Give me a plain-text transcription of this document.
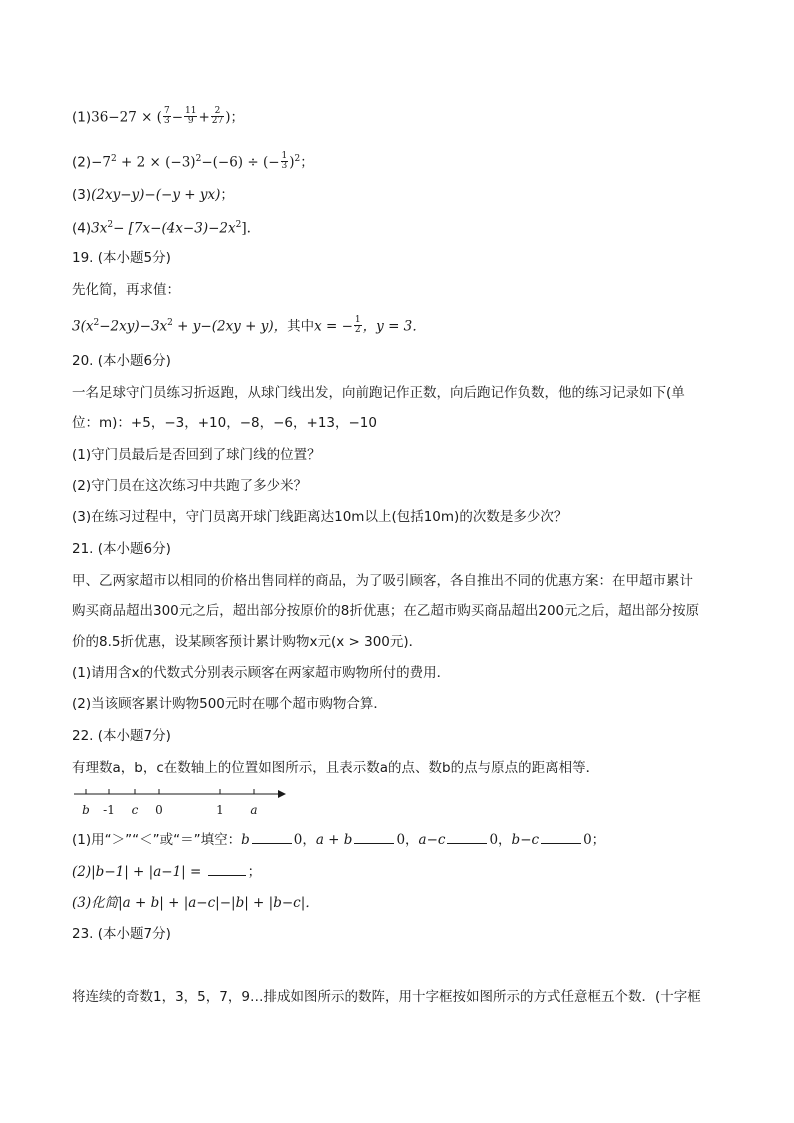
(1)36−27 × ( $\frac{7}{3} - \frac{11}{9} + \frac{2}{27}$ )；
$(2)-7^2 + 2 \times (-3)^2-(-6)$ ÷ (− $\frac{1}{3} )^2$；
(3)(2xy−y)−(−y + yx)；
$(4)3x^2- [7x-(4x-3)-2x^2]$.
19. (本小题5分)
先化简，再求值：
$3(x^2-2xy)-3x^2 + y-(2xy + y)$，其中x = − $\frac{1}{2}$ ，y = 3．
20. (本小题6分)
一名足球守门员练习折返跑，从球门线出发，向前跑记作正数，向后跑记作负数，他的练习记录如下(单
位：m)：+5，−3，+10，−8，−6，+13，−10
(1)守门员最后是否回到了球门线的位置？
(2)守门员在这次练习中共跑了多少米？
(3)在练习过程中，守门员离开球门线距离达10m以上(包括10m)的次数是多少次？
21. (本小题6分)
甲、乙两家超市以相同的价格出售同样的商品，为了吸引顾客，各自推出不同的优惠方案：在甲超市累计
购买商品超出300元之后，超出部分按原价的8折优惠；在乙超市购买商品超出200元之后，超出部分按原
价的8.5折优惠，设某顾客预计累计购物x元(x > 300元)．
(1)请用含x的代数式分别表示顾客在两家超市购物所付的费用．
(2)当该顾客累计购物500元时在哪个超市购物合算．
22. (本小题7分)
有理数a，b，c在数轴上的位置如图所示，且表示数a的点、数b的点与原点的距离相等．
b -1 c 0	1 a
(1)用“＞”“＜”或“＝”填空：b	0，a + b	0，a−c	0，b−c	0；
(2)|b−1| + |a−1| =	；
(3)化简|a + b| + |a−c|−|b| + |b−c|．
23. (本小题7分)
将连续的奇数1，3，5，7，9…排成如图所示的数阵，用十字框按如图所示的方式任意框五个数．(十字框
